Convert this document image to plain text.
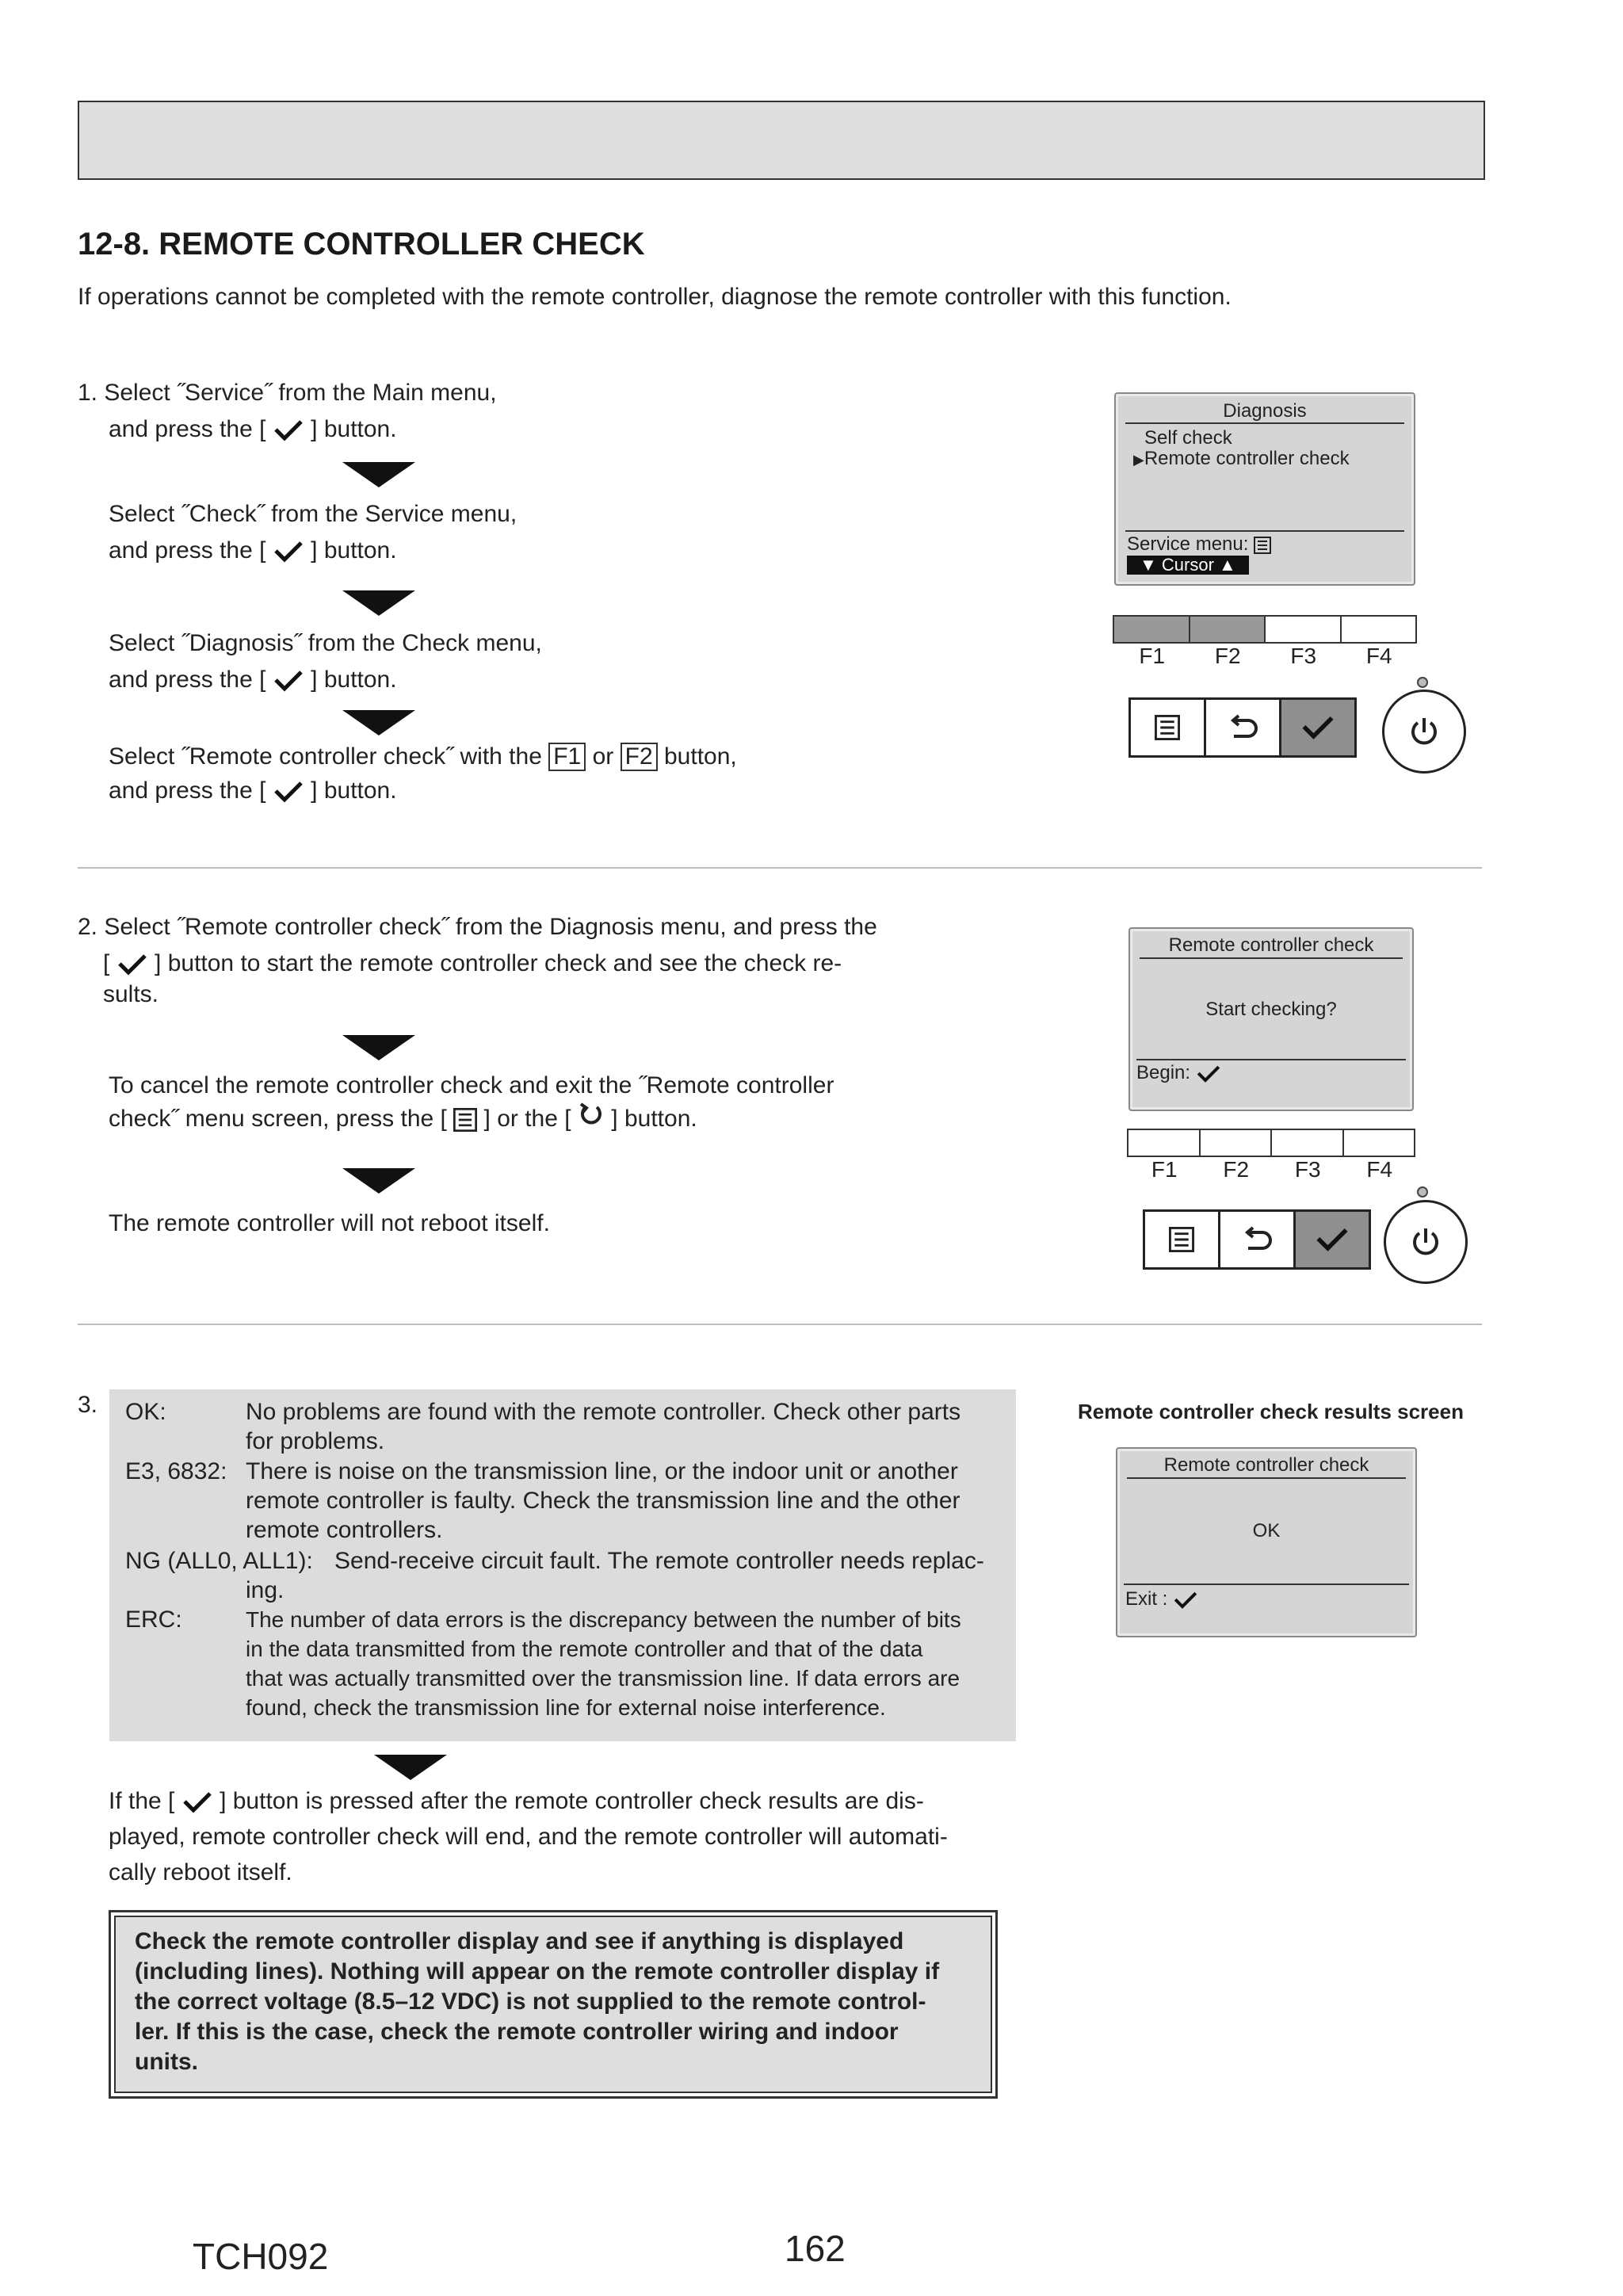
12-8. REMOTE CONTROLLER CHECK
If operations cannot be completed with the remote controller, diagnose the remote controller with this function.
1. Select ˝Service˝ from the Main menu,
and press the [ ] button.
Select ˝Check˝ from the Service menu,
and press the [ ] button.
Select ˝Diagnosis˝ from the Check menu,
and press the [ ] button.
Select ˝Remote controller check˝ with the F1 or F2 button,
and press the [ ] button.
Diagnosis
Self check
▶Remote controller check
Service menu:
▼ Cursor ▲
F1 F2 F3 F4
2. Select ˝Remote controller check˝ from the Diagnosis menu, and press the
[ ] button to start the remote controller check and see the check re-
sults.
To cancel the remote controller check and exit the ˝Remote controller
check˝ menu screen, press the [ ] or the [ ] button.
The remote controller will not reboot itself.
Remote controller check
Start checking?
Begin:
F1 F2 F3 F4
3. OK:	No problems are found with the remote controller. Check other parts
for problems.
E3, 6832: There is noise on the transmission line, or the indoor unit or another
remote controller is faulty. Check the transmission line and the other
remote controllers.
NG (ALL0, ALL1): Send-receive circuit fault. The remote controller needs replac-
ing.
ERC:	The number of data errors is the discrepancy between the number of bits
in the data transmitted from the remote controller and that of the data
that was actually transmitted over the transmission line. If data errors are
found, check the transmission line for external noise interference.
If the [ ] button is pressed after the remote controller check results are dis-
played, remote controller check will end, and the remote controller will automati-
cally reboot itself.
Check the remote controller display and see if anything is displayed
(including lines). Nothing will appear on the remote controller display if
the correct voltage (8.5–12 VDC) is not supplied to the remote control-
ler. If this is the case, check the remote controller wiring and indoor
units.
Remote controller check results screen
Remote controller check
OK
Exit :
TCH092	162
